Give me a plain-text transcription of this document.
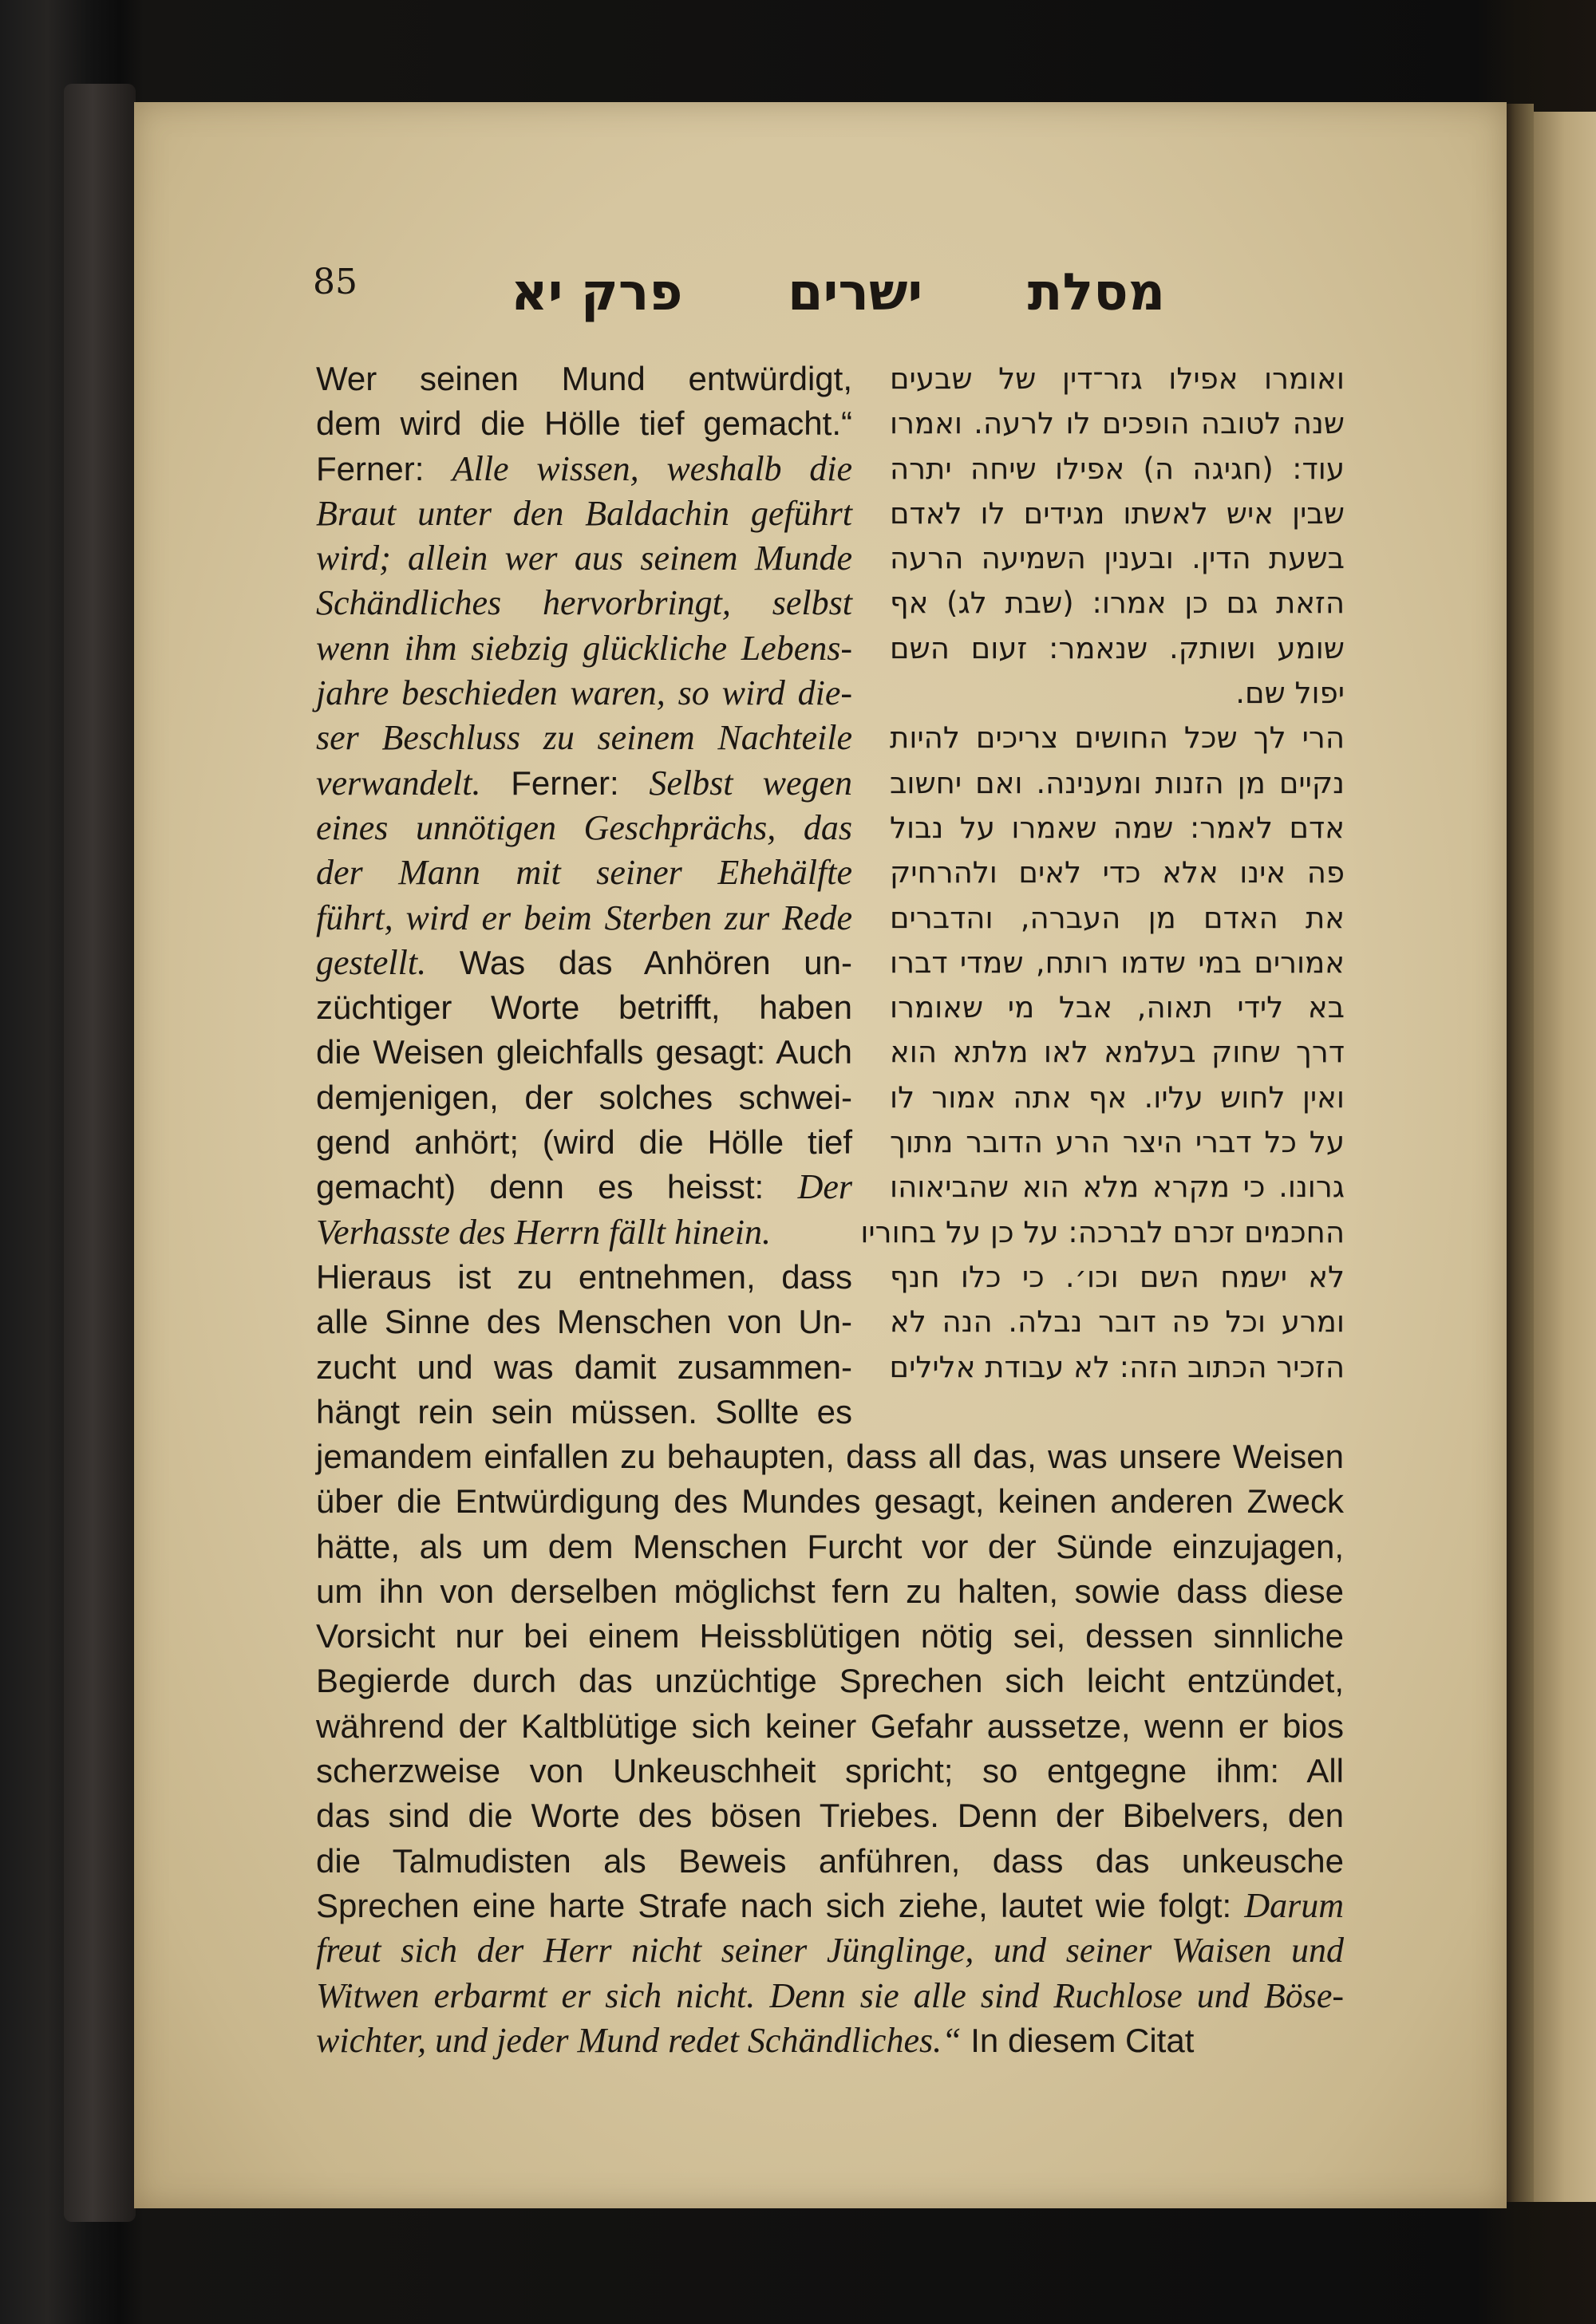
85	מסלת
ישרים
פרק יא
Wer seinen Mund entwürdigt,
dem wird die Hölle tief gemacht.“
Ferner: Alle wissen, weshalb die
Braut unter den Baldachin geführt
wird; allein wer aus seinem Munde
Schändliches hervorbringt, selbst
wenn ihm siebzig glückliche Lebens-
jahre beschieden waren, so wird die-
ser Beschluss zu seinem Nachteile
verwandelt. Ferner: Selbst wegen
eines unnötigen Geschprächs, das
der Mann mit seiner Ehehälfte
führt, wird er beim Sterben zur Rede
gestellt. Was das Anhören un-
züchtiger Worte betrifft, haben
die Weisen gleichfalls gesagt: Auch
demjenigen, der solches schwei-
gend anhört; (wird die Hölle tief
gemacht) denn es heisst: Der
Verhasste des Herrn fällt hinein.
Hieraus ist zu entnehmen, dass
alle Sinne des Menschen von Un-
zucht und was damit zusammen-
hängt rein sein müssen. Sollte es
ואומרו אפילו גזר־דין של שבעים
שנה לטובה הופכים לו לרעה. ואמרו
עוד: (חגיגה ה) אפילו שיחה יתרה
שבין איש לאשתו מגידים לו לאדם
בשעת הדין. ובענין השמיעה הרעה
הזאת גם כן אמרו: (שבת לג) אף
שומע ושותק. שנאמר: זעום השם
יפול שם.
הרי לך שכל החושים צריכים להיות
נקיים מן הזנות ומענינה. ואם יחשוב
אדם לאמר: שמה שאמרו על נבול
פה אינו אלא כדי לאים ולהרחיק
את האדם מן העברה, והדברים
אמורים במי שדמו רותח, שמדי דברו
בא לידי תאוה, אבל מי שאומרו
דרך שחוק בעלמא לאו מלתא הוא
ואין לחוש עליו. אף אתה אמור לו
על כל דברי היצר הרע הדובר מתוך
גרונו. כי מקרא מלא הוא שהביאוהו
החכמים זכרם לברכה: על כן על בחוריו
לא ישמח השם וכו׳. כי כלו חנף
ומרע וכל פה דובר נבלה. הנה לא
הזכיר הכתוב הזה: לא עבודת אלילים
jemandem einfallen zu behaupten, dass all das, was unsere Weisen
über die Entwürdigung des Mundes gesagt, keinen anderen Zweck
hätte, als um dem Menschen Furcht vor der Sünde einzujagen,
um ihn von derselben möglichst fern zu halten, sowie dass diese
Vorsicht nur bei einem Heissblütigen nötig sei, dessen sinnliche
Begierde durch das unzüchtige Sprechen sich leicht entzündet,
während der Kaltblütige sich keiner Gefahr aussetze, wenn er bios
scherzweise von Unkeuschheit spricht; so entgegne ihm: All
das sind die Worte des bösen Triebes. Denn der Bibelvers, den
die Talmudisten als Beweis anführen, dass das unkeusche
Sprechen eine harte Strafe nach sich ziehe, lautet wie folgt: Darum
freut sich der Herr nicht seiner Jünglinge, und seiner Waisen und
Witwen erbarmt er sich nicht. Denn sie alle sind Ruchlose und Böse-
wichter, und jeder Mund redet Schändliches.“ In diesem Citat
